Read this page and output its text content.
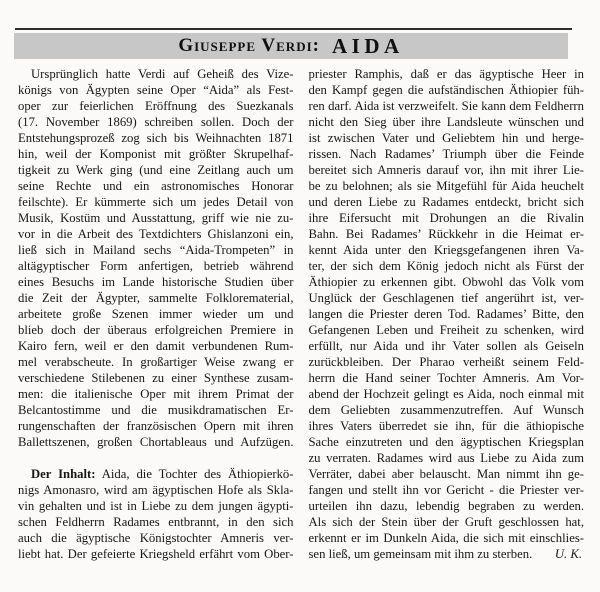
Giuseppe Verdi: AIDA
Ursprünglich hatte Verdi auf Geheiß des Vize-
königs von Ägypten seine Oper “Aida” als Fest-
oper zur feierlichen Eröffnung des Suezkanals
(17. November 1869) schreiben sollen. Doch der
Entstehungsprozeß zog sich bis Weihnachten 1871
hin, weil der Komponist mit größter Skrupelhaf-
tigkeit zu Werk ging (und eine Zeitlang auch um
seine Rechte und ein astronomisches Honorar
feilschte). Er kümmerte sich um jedes Detail von
Musik, Kostüm und Ausstattung, griff wie nie zu-
vor in die Arbeit des Textdichters Ghislanzoni ein,
ließ sich in Mailand sechs “Aida-Trompeten” in
altägyptischer Form anfertigen, betrieb während
eines Besuchs im Lande historische Studien über
die Zeit der Ägypter, sammelte Folklorematerial,
arbeitete große Szenen immer wieder um und
blieb doch der überaus erfolgreichen Premiere in
Kairo fern, weil er den damit verbundenen Rum-
mel verabscheute. In großartiger Weise zwang er
verschiedene Stilebenen zu einer Synthese zusam-
men: die italienische Oper mit ihrem Primat der
Belcantostimme und die musikdramatischen Er-
rungenschaften der französischen Opern mit ihren
Ballettszenen, großen Chortableaus und Aufzügen.
Der Inhalt: Aida, die Tochter des Äthiopierkö-
nigs Amonasro, wird am ägyptischen Hofe als Skla-
vin gehalten und ist in Liebe zu dem jungen ägypti-
schen Feldherrn Radames entbrannt, in den sich
auch die ägyptische Königstochter Amneris ver-
liebt hat. Der gefeierte Kriegsheld erfährt vom Ober-
priester Ramphis, daß er das ägyptische Heer in
den Kampf gegen die aufständischen Äthiopier füh-
ren darf. Aida ist verzweifelt. Sie kann dem Feldherrn
nicht den Sieg über ihre Landsleute wünschen und
ist zwischen Vater und Geliebtem hin und herge-
rissen. Nach Radames’ Triumph über die Feinde
bereitet sich Amneris darauf vor, ihn mit ihrer Lie-
be zu belohnen; als sie Mitgefühl für Aida heuchelt
und deren Liebe zu Radames entdeckt, bricht sich
ihre Eifersucht mit Drohungen an die Rivalin
Bahn. Bei Radames’ Rückkehr in die Heimat er-
kennt Aida unter den Kriegsgefangenen ihren Va-
ter, der sich dem König jedoch nicht als Fürst der
Äthiopier zu erkennen gibt. Obwohl das Volk vom
Unglück der Geschlagenen tief angerührt ist, ver-
langen die Priester deren Tod. Radames’ Bitte, den
Gefangenen Leben und Freiheit zu schenken, wird
erfüllt, nur Aida und ihr Vater sollen als Geiseln
zurückbleiben. Der Pharao verheißt seinem Feld-
herrn die Hand seiner Tochter Amneris. Am Vor-
abend der Hochzeit gelingt es Aida, noch einmal mit
dem Geliebten zusammenzutreffen. Auf Wunsch
ihres Vaters überredet sie ihn, für die äthiopische
Sache einzutreten und den ägyptischen Kriegsplan
zu verraten. Radames wird aus Liebe zu Aida zum
Verräter, dabei aber belauscht. Man nimmt ihn ge-
fangen und stellt ihn vor Gericht - die Priester ver-
urteilen ihn dazu, lebendig begraben zu werden.
Als sich der Stein über der Gruft geschlossen hat,
erkennt er im Dunkeln Aida, die sich mit einschlies-
sen ließ, um gemeinsam mit ihm zu sterben. U. K.
